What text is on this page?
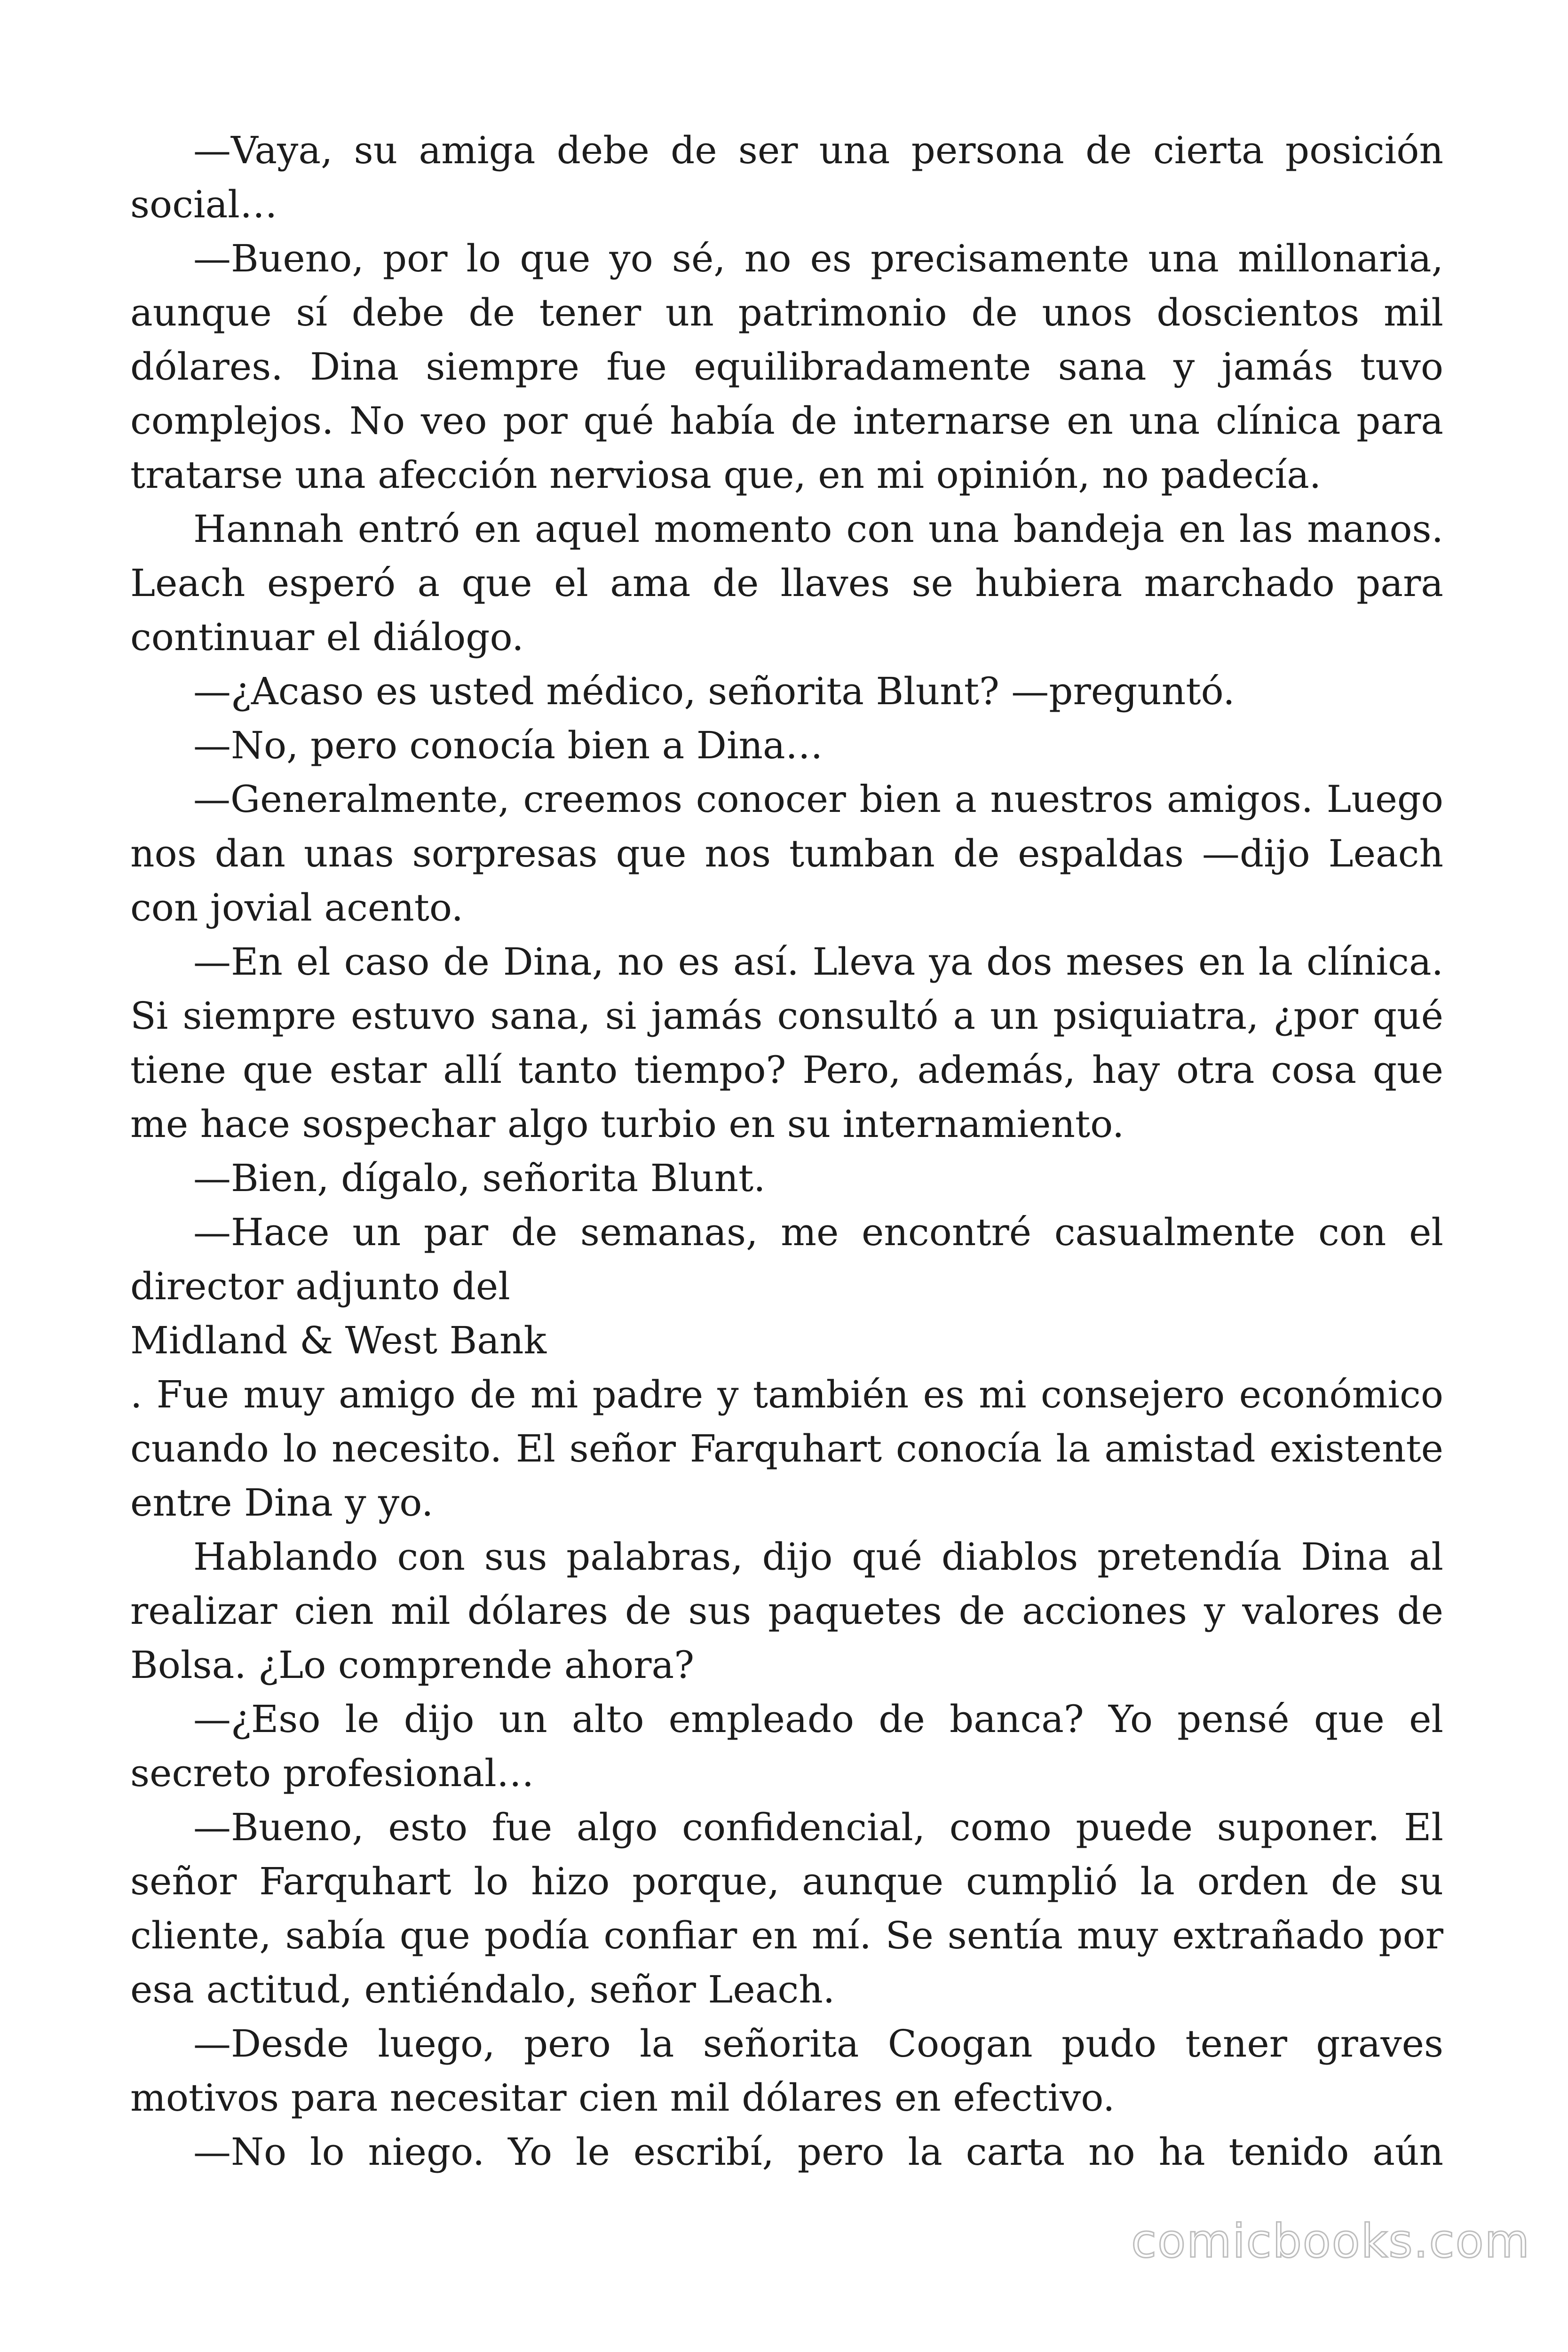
—Vaya, su amiga debe de ser una persona de cierta posición
social…
—Bueno, por lo que yo sé, no es precisamente una millonaria,
aunque sí debe de tener un patrimonio de unos doscientos mil
dólares. Dina siempre fue equilibradamente sana y jamás tuvo
complejos. No veo por qué había de internarse en una clínica para
tratarse una afección nerviosa que, en mi opinión, no padecía.
Hannah entró en aquel momento con una bandeja en las manos.
Leach esperó a que el ama de llaves se hubiera marchado para
continuar el diálogo.
—¿Acaso es usted médico, señorita Blunt? —preguntó.
—No, pero conocía bien a Dina…
—Generalmente, creemos conocer bien a nuestros amigos. Luego
nos dan unas sorpresas que nos tumban de espaldas —dijo Leach
con jovial acento.
—En el caso de Dina, no es así. Lleva ya dos meses en la clínica.
Si siempre estuvo sana, si jamás consultó a un psiquiatra, ¿por qué
tiene que estar allí tanto tiempo? Pero, además, hay otra cosa que
me hace sospechar algo turbio en su internamiento.
—Bien, dígalo, señorita Blunt.
—Hace un par de semanas, me encontré casualmente con el
director adjunto del
Midland & West Bank
. Fue muy amigo de mi padre y también es mi consejero económico
cuando lo necesito. El señor Farquhart conocía la amistad existente
entre Dina y yo.
Hablando con sus palabras, dijo qué diablos pretendía Dina al
realizar cien mil dólares de sus paquetes de acciones y valores de
Bolsa. ¿Lo comprende ahora?
—¿Eso le dijo un alto empleado de banca? Yo pensé que el
secreto profesional…
—Bueno, esto fue algo confidencial, como puede suponer. El
señor Farquhart lo hizo porque, aunque cumplió la orden de su
cliente, sabía que podía confiar en mí. Se sentía muy extrañado por
esa actitud, entiéndalo, señor Leach.
—Desde luego, pero la señorita Coogan pudo tener graves
motivos para necesitar cien mil dólares en efectivo.
—No lo niego. Yo le escribí, pero la carta no ha tenido aún
comicbooks.com
